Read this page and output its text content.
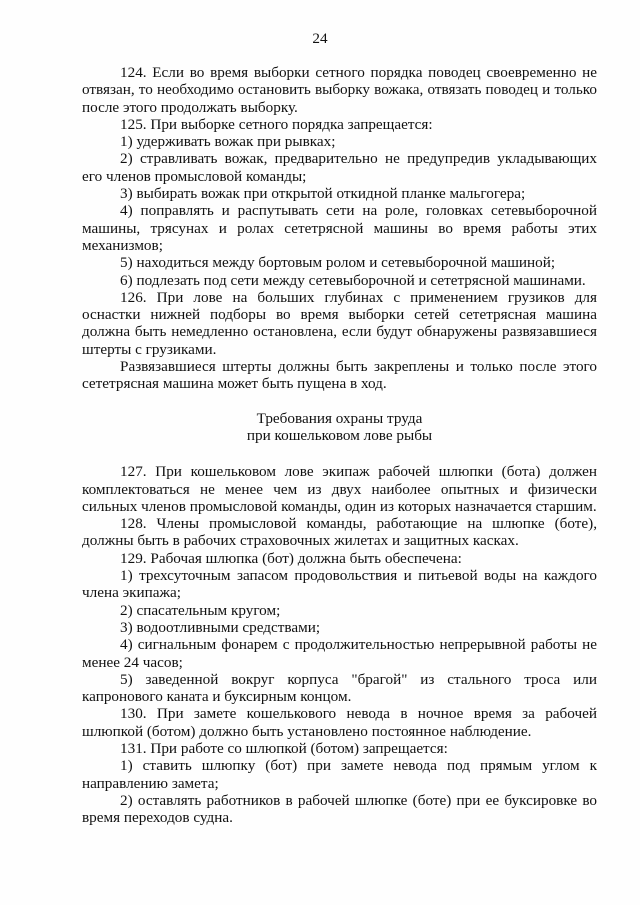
24

124. Если во время выборки сетного порядка поводец своевременно не отвязан, то необходимо остановить выборку вожака, отвязать поводец и только после этого продолжать выборку.

125. При выборке сетного порядка запрещается:

1) удерживать вожак при рывках;

2) стравливать вожак, предварительно не предупредив укладывающих его членов промысловой команды;

3) выбирать вожак при открытой откидной планке мальгогера;

4) поправлять и распутывать сети на роле, головках сетевыборочной машины, трясунах и ролах сететрясной машины во время работы этих механизмов;

5) находиться между бортовым ролом и сетевыборочной машиной;

6) подлезать под сети между сетевыборочной и сететрясной машинами.

126. При лове на больших глубинах с применением грузиков для оснастки нижней подборы во время выборки сетей сететрясная машина должна быть немедленно остановлена, если будут обнаружены развязавшиеся штерты с грузиками.

Развязавшиеся штерты должны быть закреплены и только после этого сететрясная машина может быть пущена в ход.

Требования охраны труда
при кошельковом лове рыбы

127. При кошельковом лове экипаж рабочей шлюпки (бота) должен комплектоваться не менее чем из двух наиболее опытных и физически сильных членов промысловой команды, один из которых назначается старшим.

128. Члены промысловой команды, работающие на шлюпке (боте), должны быть в рабочих страховочных жилетах и защитных касках.

129. Рабочая шлюпка (бот) должна быть обеспечена:

1) трехсуточным запасом продовольствия и питьевой воды на каждого члена экипажа;

2) спасательным кругом;

3) водоотливными средствами;

4) сигнальным фонарем с продолжительностью непрерывной работы не менее 24 часов;

5) заведенной вокруг корпуса "брагой" из стального троса или капронового каната и буксирным концом.

130. При замете кошелькового невода в ночное время за рабочей шлюпкой (ботом) должно быть установлено постоянное наблюдение.

131. При работе со шлюпкой (ботом) запрещается:

1) ставить шлюпку (бот) при замете невода под прямым углом к направлению замета;

2) оставлять работников в рабочей шлюпке (боте) при ее буксировке во время переходов судна.
